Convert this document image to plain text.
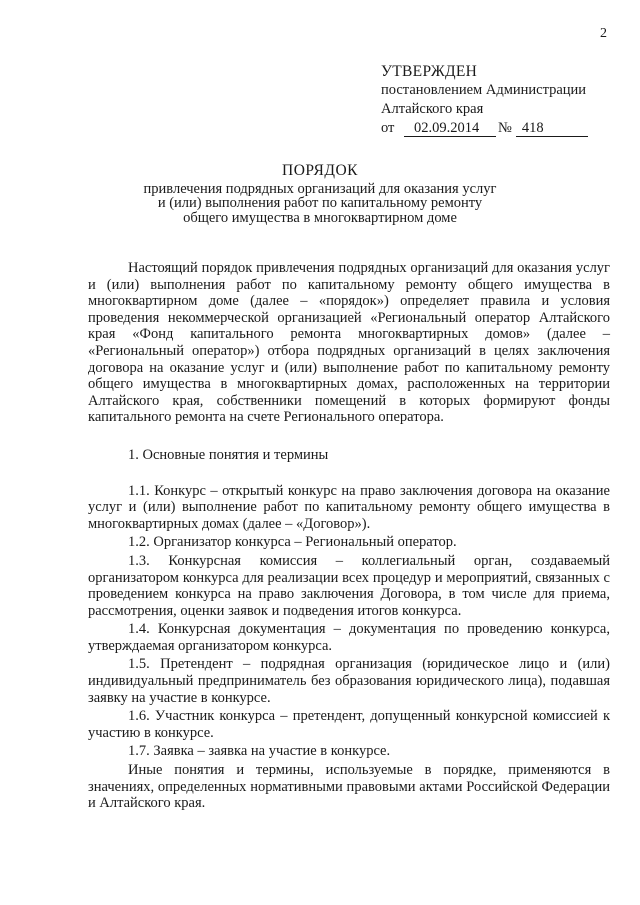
2
УТВЕРЖДЕН
постановлением Администрации
Алтайского края
от 02.09.2014 № 418
ПОРЯДОК
привлечения подрядных организаций для оказания услуг
и (или) выполнения работ по капитальному ремонту
общего имущества в многоквартирном доме

Настоящий порядок привлечения подрядных организаций для оказания услуг и (или) выполнения работ по капитальному ремонту общего имущества в многоквартирном доме (далее – «порядок») определяет правила и условия проведения некоммерческой организацией «Региональный оператор Алтайского края «Фонд капитального ремонта многоквартирных домов» (далее – «Региональный оператор») отбора подрядных организаций в целях заключения договора на оказание услуг и (или) выполнение работ по капитальному ремонту общего имущества в многоквартирных домах, расположенных на территории Алтайского края, собственники помещений в которых формируют фонды капитального ремонта на счете Регионального оператора.

1. Основные понятия и термины

1.1. Конкурс – открытый конкурс на право заключения договора на оказание услуг и (или) выполнение работ по капитальному ремонту общего имущества в многоквартирных домах (далее – «Договор»).

1.2. Организатор конкурса – Региональный оператор.

1.3. Конкурсная комиссия – коллегиальный орган, создаваемый организатором конкурса для реализации всех процедур и мероприятий, связанных с проведением конкурса на право заключения Договора, в том числе для приема, рассмотрения, оценки заявок и подведения итогов конкурса.

1.4. Конкурсная документация – документация по проведению конкурса, утверждаемая организатором конкурса.

1.5. Претендент – подрядная организация (юридическое лицо и (или) индивидуальный предприниматель без образования юридического лица), подавшая заявку на участие в конкурсе.

1.6. Участник конкурса – претендент, допущенный конкурсной комиссией к участию в конкурсе.

1.7. Заявка – заявка на участие в конкурсе.

Иные понятия и термины, используемые в порядке, применяются в значениях, определенных нормативными правовыми актами Российской Федерации и Алтайского края.
